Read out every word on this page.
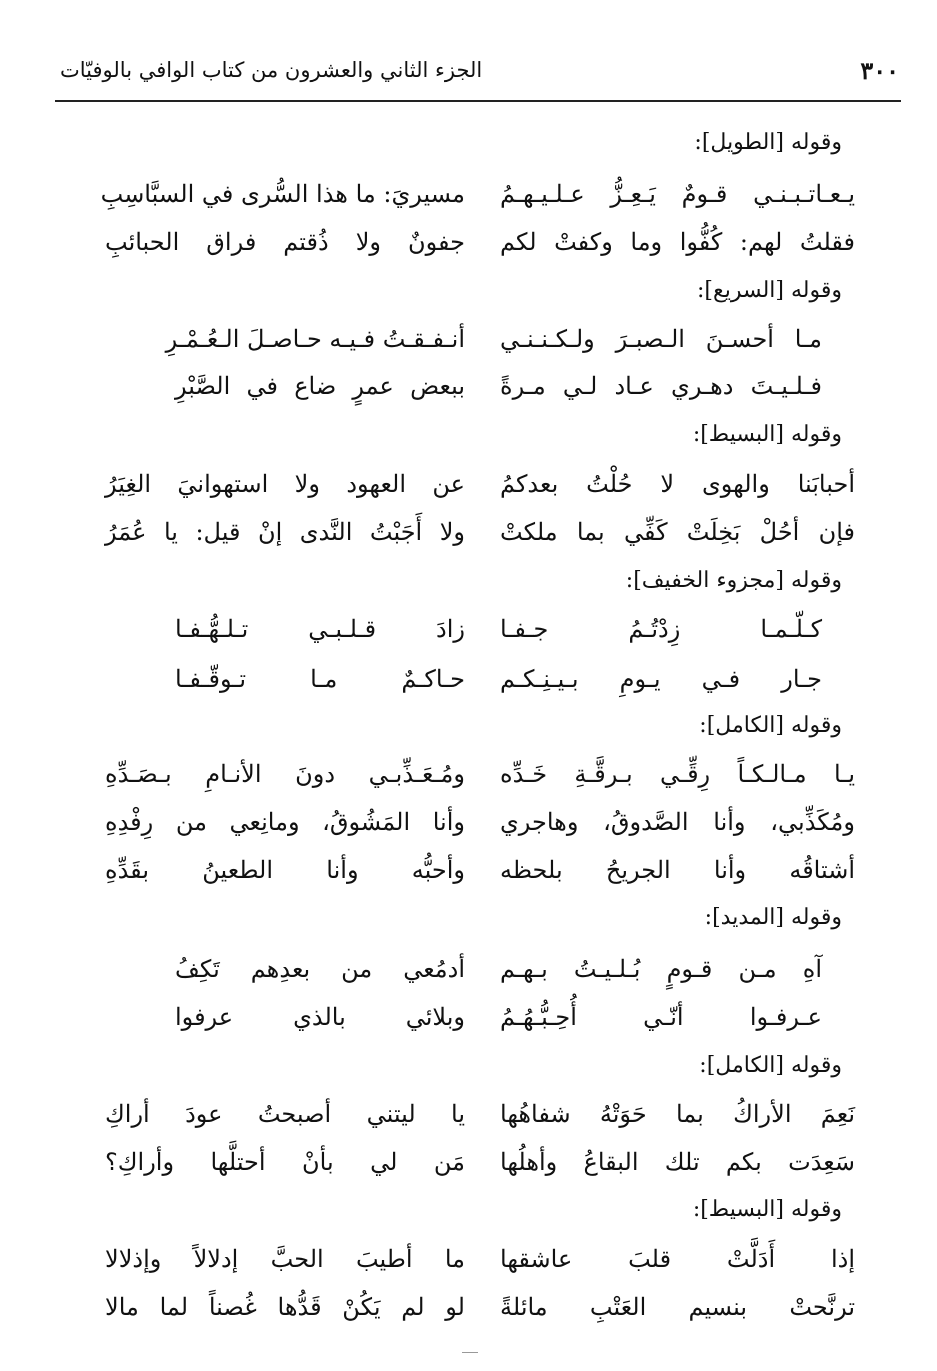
٣٠٠
الجزء الثاني والعشرون من كتاب الوافي بالوفيّات
وقوله [الطويل]:
يـعـاتـبـنـي قـومٌ يَـعِـزُّ عـلـيـهـمُ
مسيريَ: ما هذا السُّرى في السبَّاسِبِ
فقلتُ لهم: كُفُّوا وما وكفتْ لكم
جفونٌ ولا ذُقتم فراق الحبائبِ
وقوله [السريع]:
مـا أحسـنَ الـصبـرَ ولـكـنـنـي
أنـفـقـتُ فـيـه حـاصـلَ الـعُـمْـرِ
فـلـيـتَ دهـري عـاد لـي مـرةً
ببعض عمرٍ ضاع في الصَّبْرِ
وقوله [البسيط]:
أحبابَنا والهوى لا حُلْتُ بعدكمُ
عن العهود ولا استهوانيَ الغِيَرُ
فإن أحُلْ بَخِلَتْ كَفِّي بما ملكتْ
ولا أَجَبْتُ النَّدى إنْ قيل: يا عُمَرُ
وقوله [مجزوء الخفيف]:
كـلّـمـا زِدْتُـمُ جـفـا
زادَ قـلـبـي تـلـهُّـفـا
جـار فـي يـومِ بـيـنِـكـم
حـاكـمٌ مـا تـوقّـفـا
وقوله [الكامل]:
يـا مـالـكـاً رِقِّـي بـرقَّـةِ خَـدِّه
ومُـعَـذِّبـي دونَ الأنـامِ بـصَـدِّهِ
ومُكَذِّبي، وأنا الصَّدوقُ، وهاجري
وأنا المَشُوقُ، ومانِعي من رِفْدِهِ
أشتاقُه وأنا الجريحُ بلحظه
وأحبُّه وأنا الطعينُ بقَدِّهِ
وقوله [المديد]:
آهِ مـن قـومٍ بُـلـيـتُ بـهـم
أدمُعي من بعدِهم تَكِفُ
عـرفـوا أنّـي أُحِـبُّـهُـمُ
وبلائي بالذي عرفوا
وقوله [الكامل]:
نَعِمَ الأراكُ بما حَوَتْهُ شفاهُها
يا ليتني أصبحتُ عودَ أراكِ
سَعِدَت بكم تلك البقاعُ وأهلُها
مَن لي بأنْ أحتلَّها وأراكِ؟
وقوله [البسيط]:
إذا أَدَلَّتْ قلبَ عاشقها
ما أطيبَ الحبَّ إدلالاً وإذلالا
ترنَّحتْ بنسيم العَتْبِ مائلةً
لو لم يَكُنْ قَدُّها غُصناً لما مالا
